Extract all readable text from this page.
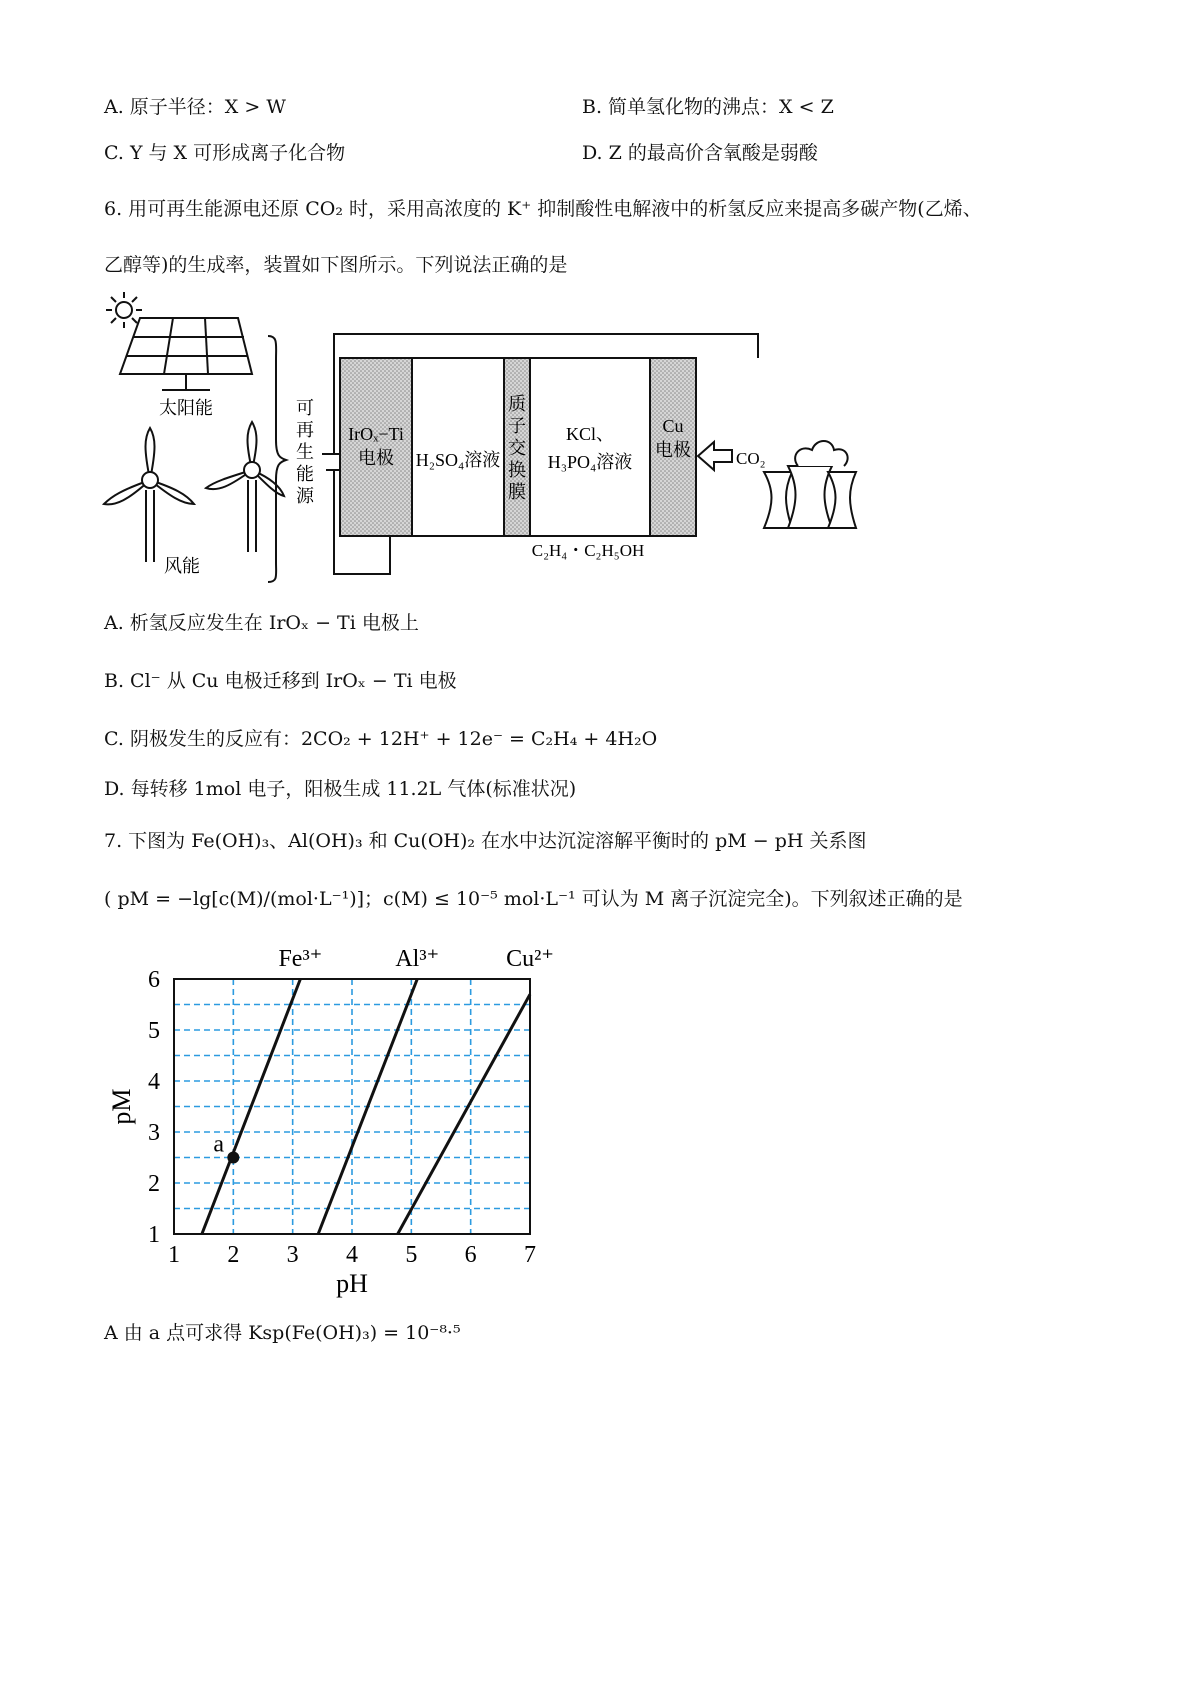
A. 原子半径：X > W	B. 简单氢化物的沸点：X < Z
C. Y 与 X 可形成离子化合物	D. Z 的最高价含氧酸是弱酸
6. 用可再生能源电还原 CO₂ 时，采用高浓度的 K⁺ 抑制酸性电解液中的析氢反应来提高多碳产物(乙烯、
乙醇等)的生成率，装置如下图所示。下列说法正确的是
太阳能
风能
可
再
生
能
源
IrOₓ−Ti
电极 H₂SO₄溶液
质
子
交
换
膜
KCl、
H₃PO₄溶液
Cu
电极
C₂H₄・C₂H₅OH
CO₂
A. 析氢反应发生在 IrOₓ − Ti 电极上
B. Cl⁻ 从 Cu 电极迁移到 IrOₓ − Ti 电极
C. 阴极发生的反应有：2CO₂ + 12H⁺ + 12e⁻ = C₂H₄ + 4H₂O
D. 每转移 1mol 电子，阳极生成 11.2L 气体(标准状况)
7. 下图为 Fe(OH)₃、Al(OH)₃ 和 Cu(OH)₂ 在水中达沉淀溶解平衡时的 pM − pH 关系图
( pM = −lg[c(M)/(mol·L⁻¹)]；c(M) ≤ 10⁻⁵ mol·L⁻¹ 可认为 M 离子沉淀完全)。下列叙述正确的是
1 2 3 4 5 6 7
1
2
3
4
5
6
pH
pM
Fe³⁺	Al³⁺	Cu²⁺
a
A 由 a 点可求得 Ksp(Fe(OH)₃) = 10⁻⁸·⁵
